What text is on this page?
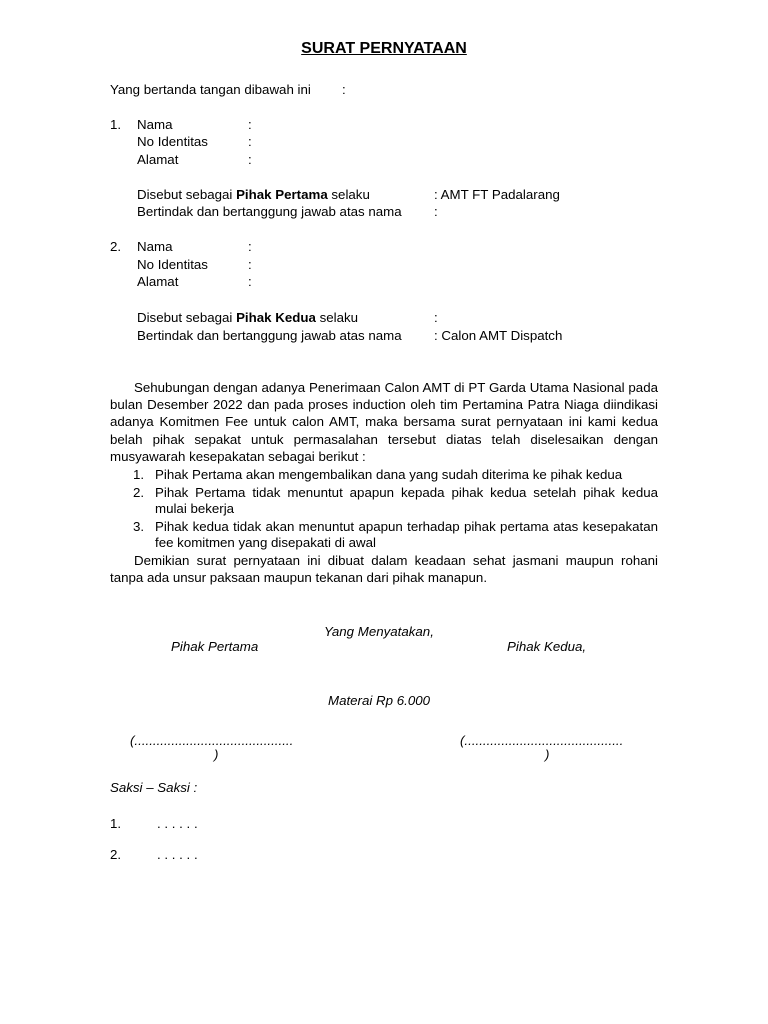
SURAT PERNYATAAN
Yang bertanda tangan dibawah ini :
1. Nama	:
No Identitas	:
Alamat	:
Disebut sebagai Pihak Pertama selaku	: AMT FT Padalarang
Bertindak dan bertanggung jawab atas nama :
2. Nama	:
No Identitas	:
Alamat	:
Disebut sebagai Pihak Kedua selaku	:
Bertindak dan bertanggung jawab atas nama : Calon AMT Dispatch
Sehubungan dengan adanya Penerimaan Calon AMT di PT Garda Utama Nasional pada bulan Desember 2022 dan pada proses induction oleh tim Pertamina Patra Niaga diindikasi adanya Komitmen Fee untuk calon AMT, maka bersama surat pernyataan ini kami kedua belah pihak sepakat untuk permasalahan tersebut diatas telah diselesaikan dengan musyawarah kesepakatan sebagai berikut :
1. Pihak Pertama akan mengembalikan dana yang sudah diterima ke pihak kedua
2. Pihak Pertama tidak menuntut apapun kepada pihak kedua setelah pihak kedua mulai bekerja
3. Pihak kedua tidak akan menuntut apapun terhadap pihak pertama atas kesepakatan fee komitmen yang disepakati di awal
Demikian surat pernyataan ini dibuat dalam keadaan sehat jasmani maupun rohani tanpa ada unsur paksaan maupun tekanan dari pihak manapun.
Yang Menyatakan,
Pihak Pertama	Pihak Kedua,
Materai Rp 6.000
(...........................................
)
(...........................................
)
Saksi – Saksi :
1.	. . . . . .
2.	. . . . . .
